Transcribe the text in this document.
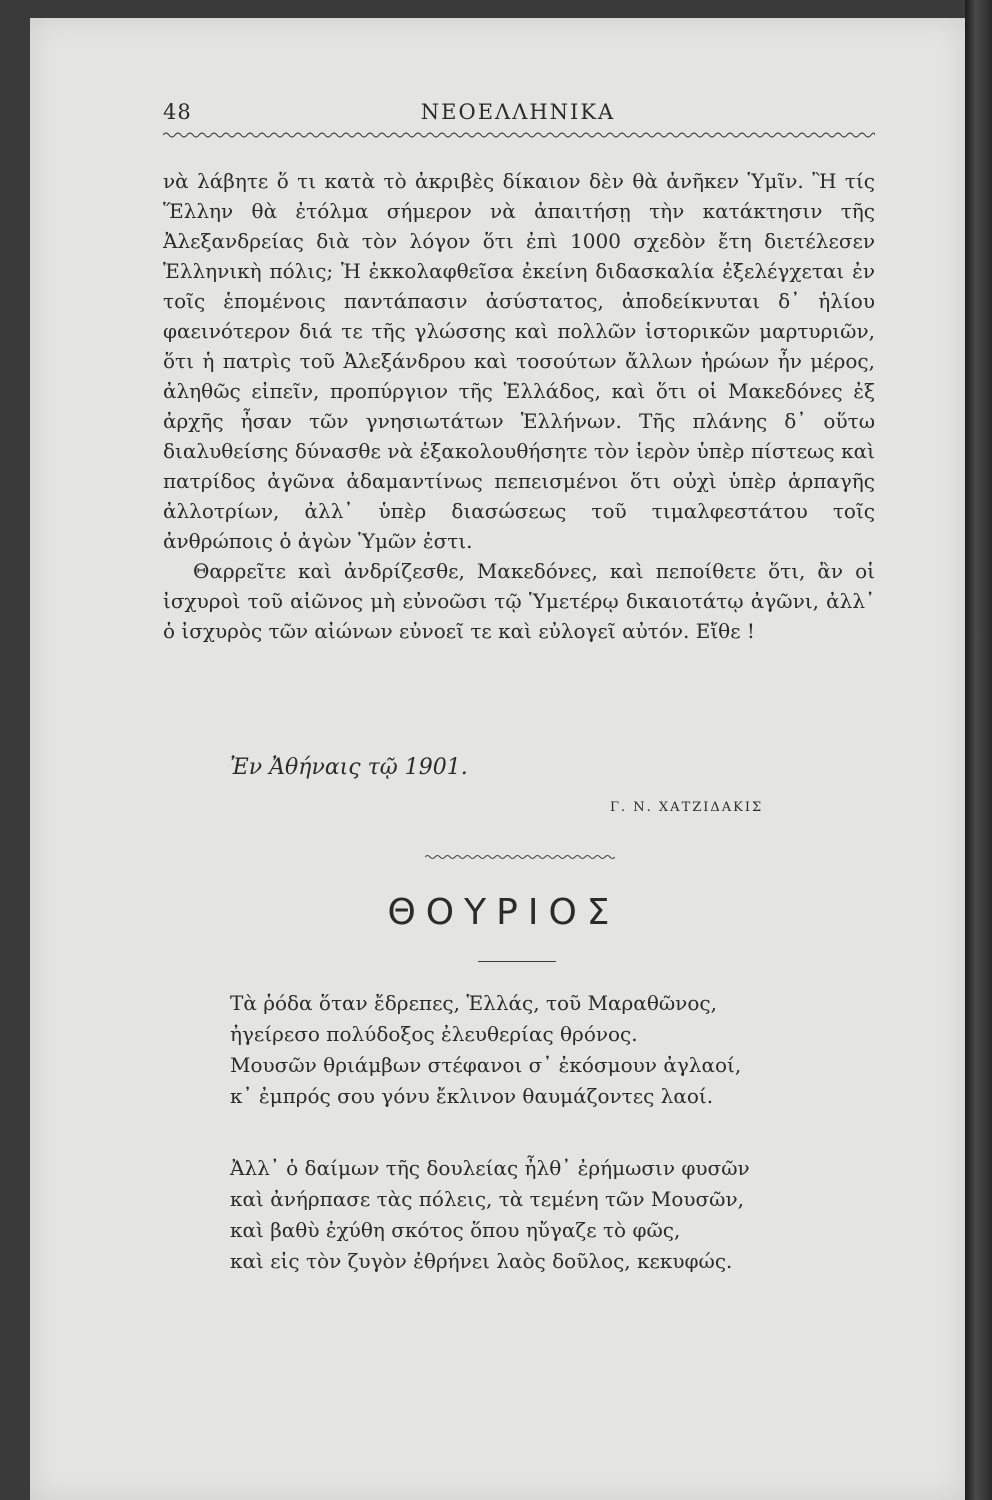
48	ΝΕΟΕΛΛΗΝΙΚΑ

νὰ λάβητε ὅ τι κατὰ τὸ ἀκριβὲς δίκαιον δὲν θὰ ἀνῆκεν Ὑμῖν. Ἢ τίς Ἕλλην θὰ ἐτόλμα σήμερον νὰ ἀπαιτήσῃ τὴν κατάκτησιν τῆς Ἀλεξανδρείας διὰ τὸν λόγον ὅτι ἐπὶ 1000 σχεδὸν ἔτη διετέλεσεν Ἑλληνικὴ πόλις; Ἡ ἐκκολαφθεῖσα ἐκείνη διδασκαλία ἐξελέγχεται ἐν τοῖς ἑπομένοις παντάπασιν ἀσύστατος, ἀποδείκνυται δ᾽ ἡλίου φαεινότερον διά τε τῆς γλώσσης καὶ πολλῶν ἱστορικῶν μαρτυριῶν, ὅτι ἡ πατρὶς τοῦ Ἀλεξάνδρου καὶ τοσούτων ἄλλων ἡρώων ἦν μέρος, ἀληθῶς εἰπεῖν, προπύργιον τῆς Ἑλλάδος, καὶ ὅτι οἱ Μακεδόνες ἐξ ἀρχῆς ἦσαν τῶν γνησιωτάτων Ἑλλήνων. Τῆς πλάνης δ᾽ οὕτω διαλυθείσης δύνασθε νὰ ἐξακολουθήσητε τὸν ἱερὸν ὑπὲρ πίστεως καὶ πατρίδος ἀγῶνα ἀδαμαντίνως πεπεισμένοι ὅτι οὐχὶ ὑπὲρ ἁρπαγῆς ἀλλοτρίων, ἀλλ᾽ ὑπὲρ διασώσεως τοῦ τιμαλφεστάτου τοῖς ἀνθρώποις ὁ ἀγὼν Ὑμῶν ἐστι.

Θαρρεῖτε καὶ ἀνδρίζεσθε, Μακεδόνες, καὶ πεποίθετε ὅτι, ἂν οἱ ἰσχυροὶ τοῦ αἰῶνος μὴ εὐνοῶσι τῷ Ὑμετέρῳ δικαιοτάτῳ ἀγῶνι, ἀλλ᾽ ὁ ἰσχυρὸς τῶν αἰώνων εὐνοεῖ τε καὶ εὐλογεῖ αὐτόν. Εἴθε !

Ἐν Ἀθήναις τῷ 1901.
Γ. Ν. ΧΑΤΖΙΔΑΚΙΣ
ΘΟΥΡΙΟΣ
Τὰ ῥόδα ὅταν ἔδρεπες, Ἑλλάς, τοῦ Μαραθῶνος,
ἠγείρεσο πολύδοξος ἐλευθερίας θρόνος.
Μουσῶν θριάμβων στέφανοι σ᾽ ἐκόσμουν ἀγλαοί,
κ᾽ ἐμπρός σου γόνυ ἔκλινον θαυμάζοντες λαοί.
Ἀλλ᾽ ὁ δαίμων τῆς δουλείας ἦλθ᾽ ἐρήμωσιν φυσῶν
καὶ ἀνήρπασε τὰς πόλεις, τὰ τεμένη τῶν Μουσῶν,
καὶ βαθὺ ἐχύθη σκότος ὅπου ηὔγαζε τὸ φῶς,
καὶ εἰς τὸν ζυγὸν ἐθρήνει λαὸς δοῦλος, κεκυφώς.
